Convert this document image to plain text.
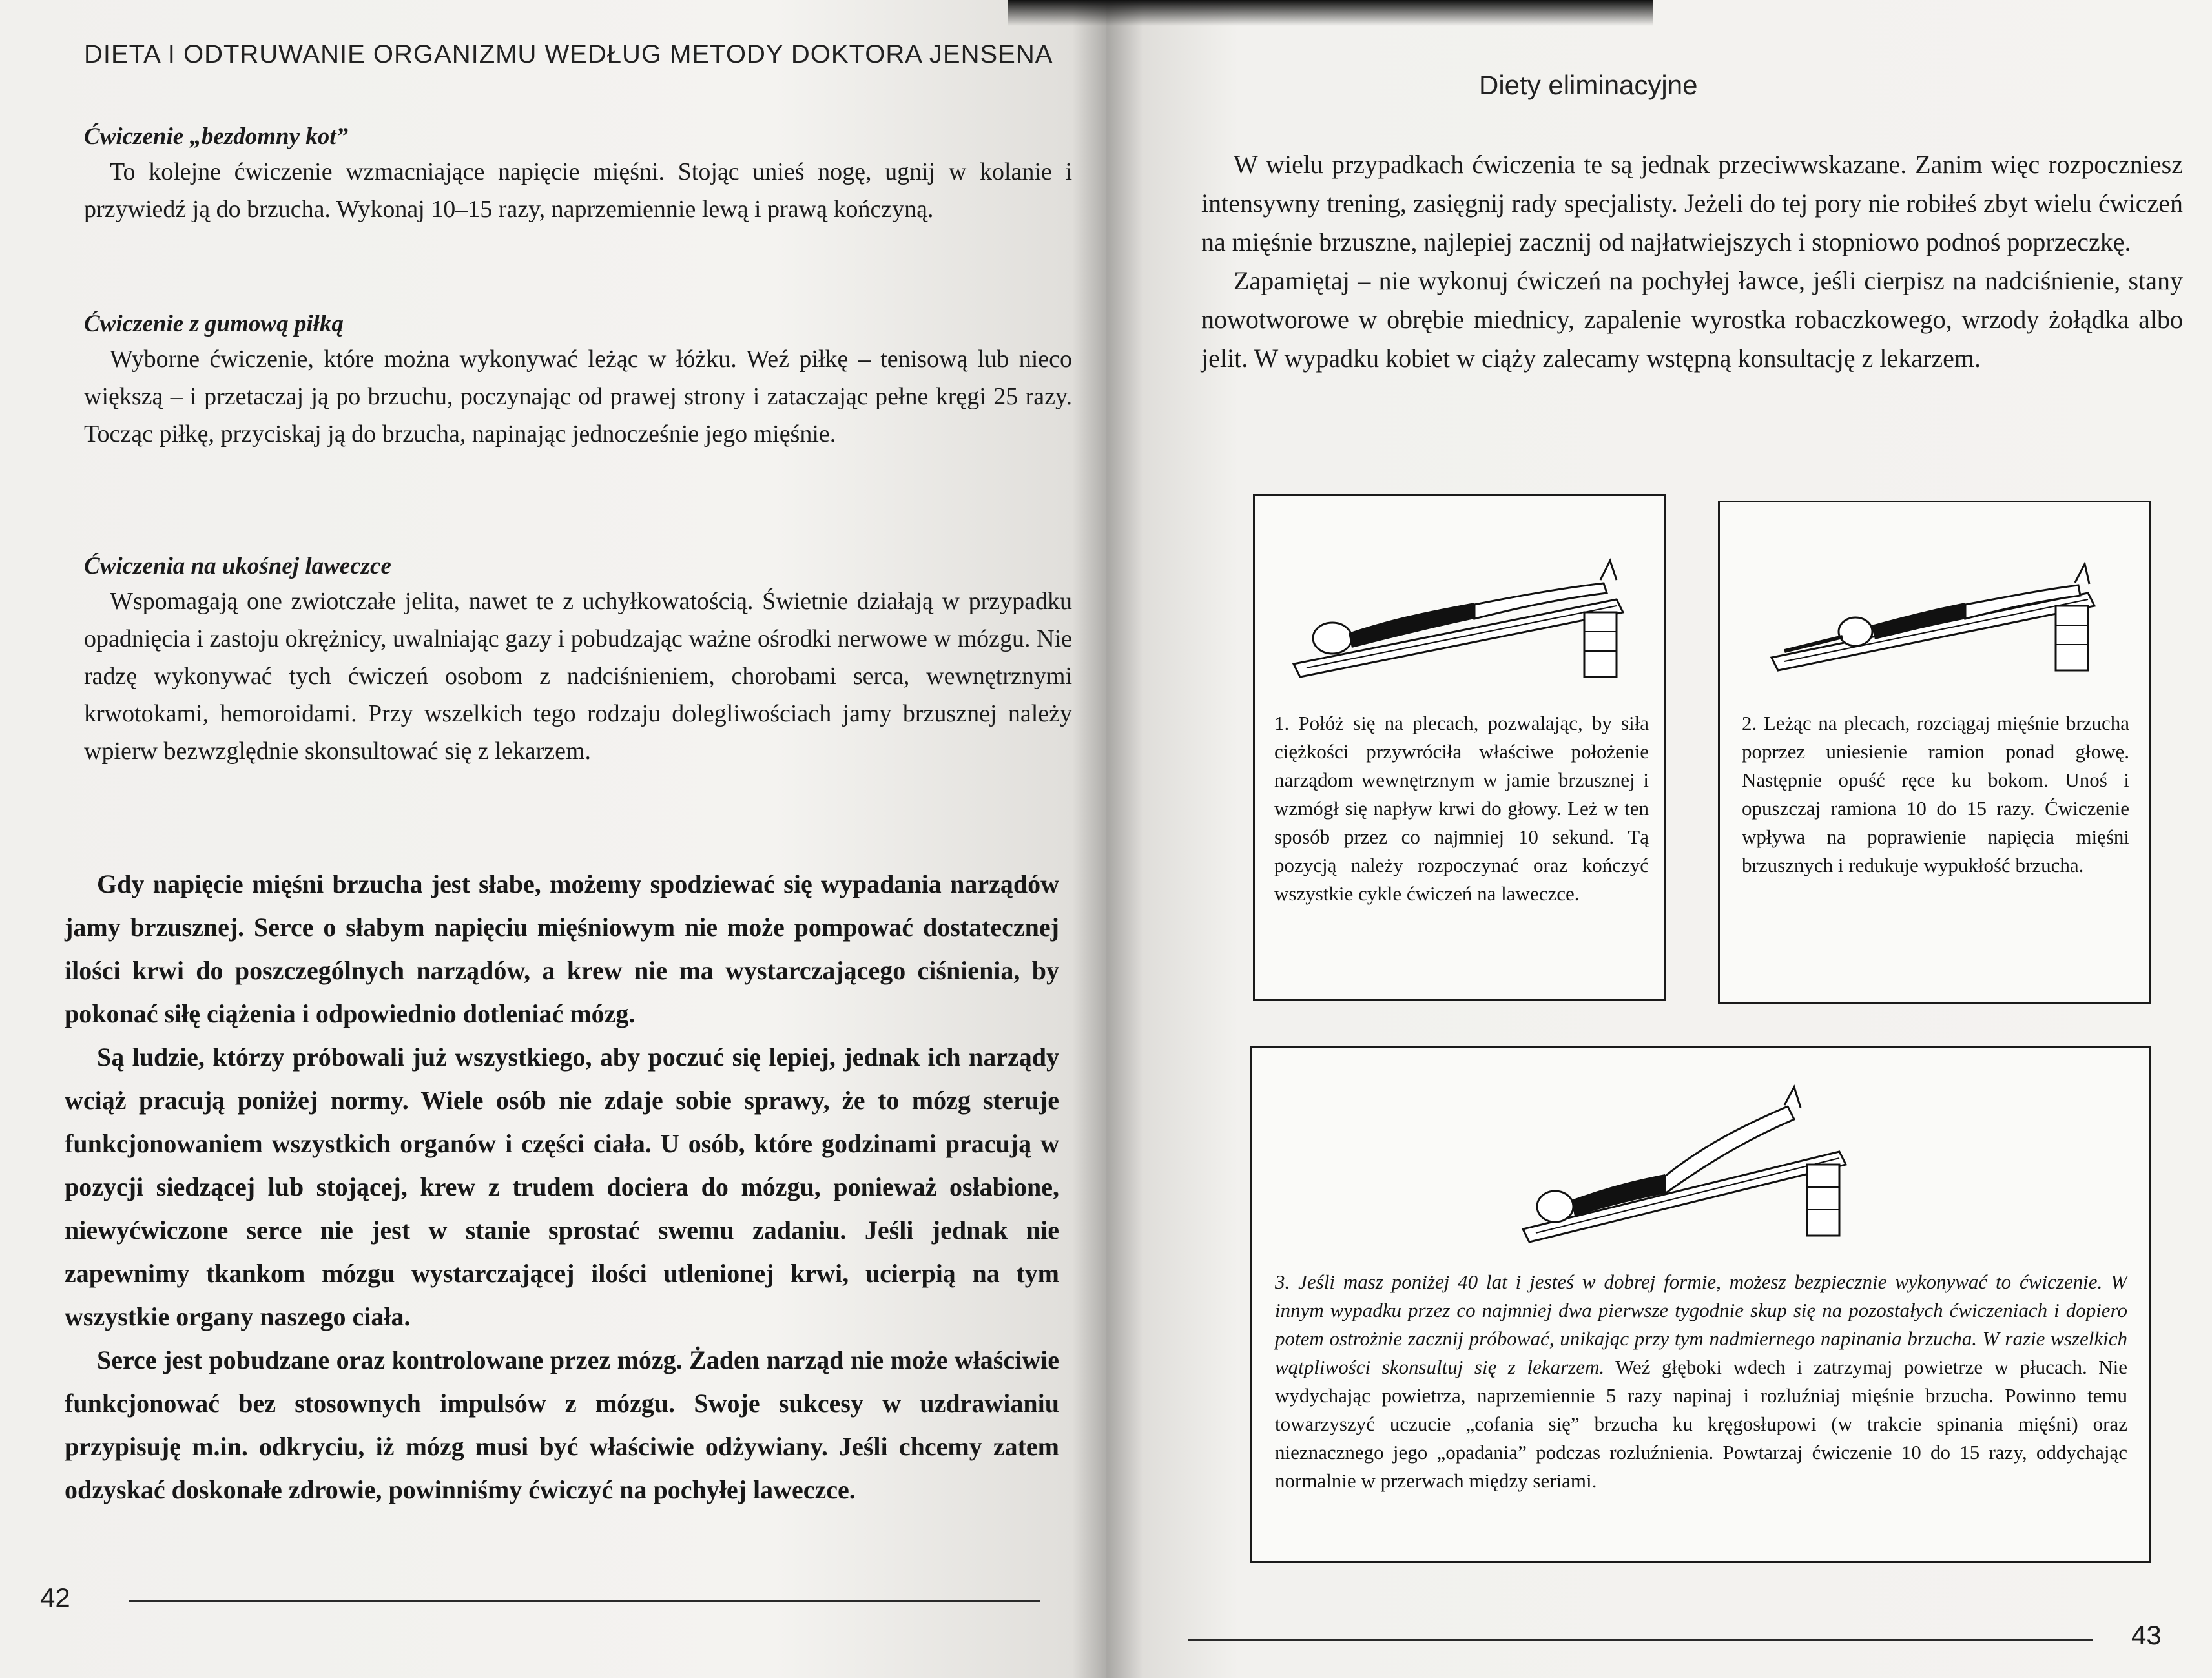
DIETA I ODTRUWANIE ORGANIZMU WEDŁUG METODY DOKTORA JENSENA
Ćwiczenie „bezdomny kot”

To kolejne ćwiczenie wzmacniające napięcie mięśni. Stojąc unieś nogę, ugnij w kolanie i przywiedź ją do brzucha. Wykonaj 10–15 razy, naprzemiennie lewą i prawą kończyną.

Ćwiczenie z gumową piłką

Wyborne ćwiczenie, które można wykonywać leżąc w łóżku. Weź piłkę – tenisową lub nieco większą – i przetaczaj ją po brzuchu, poczynając od prawej strony i zataczając pełne kręgi 25 razy. Tocząc piłkę, przyciskaj ją do brzucha, napinając jednocześnie jego mięśnie.

Ćwiczenia na ukośnej laweczce

Wspomagają one zwiotczałe jelita, nawet te z uchyłkowatością. Świetnie działają w przypadku opadnięcia i zastoju okrężnicy, uwalniając gazy i pobudzając ważne ośrodki nerwowe w mózgu. Nie radzę wykonywać tych ćwiczeń osobom z nadciśnieniem, chorobami serca, wewnętrznymi krwotokami, hemoroidami. Przy wszelkich tego rodzaju dolegliwościach jamy brzusznej należy wpierw bezwzględnie skonsultować się z lekarzem.

Gdy napięcie mięśni brzucha jest słabe, możemy spodziewać się wypadania narządów jamy brzusznej. Serce o słabym napięciu mięśniowym nie może pompować dostatecznej ilości krwi do poszczególnych narządów, a krew nie ma wystarczającego ciśnienia, by pokonać siłę ciążenia i odpowiednio dotleniać mózg.

Są ludzie, którzy próbowali już wszystkiego, aby poczuć się lepiej, jednak ich narządy wciąż pracują poniżej normy. Wiele osób nie zdaje sobie sprawy, że to mózg steruje funkcjonowaniem wszystkich organów i części ciała. U osób, które godzinami pracują w pozycji siedzącej lub stojącej, krew z trudem dociera do mózgu, ponieważ osłabione, niewyćwiczone serce nie jest w stanie sprostać swemu zadaniu. Jeśli jednak nie zapewnimy tkankom mózgu wystarczającej ilości utlenionej krwi, ucierpią na tym wszystkie organy naszego ciała.

Serce jest pobudzane oraz kontrolowane przez mózg. Żaden narząd nie może właściwie funkcjonować bez stosownych impulsów z mózgu. Swoje sukcesy w uzdrawianiu przypisuję m.in. odkryciu, iż mózg musi być właściwie odżywiany. Jeśli chcemy zatem odzyskać doskonałe zdrowie, powinniśmy ćwiczyć na pochyłej laweczce.

42
Diety eliminacyjne

W wielu przypadkach ćwiczenia te są jednak przeciwwskazane. Zanim więc rozpoczniesz intensywny trening, zasięgnij rady specjalisty. Jeżeli do tej pory nie robiłeś zbyt wielu ćwiczeń na mięśnie brzuszne, najlepiej zacznij od najłatwiejszych i stopniowo podnoś poprzeczkę.

Zapamiętaj – nie wykonuj ćwiczeń na pochyłej ławce, jeśli cierpisz na nadciśnienie, stany nowotworowe w obrębie miednicy, zapalenie wyrostka robaczkowego, wrzody żołądka albo jelit. W wypadku kobiet w ciąży zalecamy wstępną konsultację z lekarzem.

1. Połóż się na plecach, pozwalając, by siła ciężkości przywróciła właściwe położenie narządom wewnętrznym w jamie brzusznej i wzmógł się napływ krwi do głowy. Leż w ten sposób przez co najmniej 10 sekund. Tą pozycją należy rozpoczynać oraz kończyć wszystkie cykle ćwiczeń na laweczce.
2. Leżąc na plecach, rozciągaj mięśnie brzucha poprzez uniesienie ramion ponad głowę. Następnie opuść ręce ku bokom. Unoś i opuszczaj ramiona 10 do 15 razy. Ćwiczenie wpływa na poprawienie napięcia mięśni brzusznych i redukuje wypukłość brzucha.
3. Jeśli masz poniżej 40 lat i jesteś w dobrej formie, możesz bezpiecznie wykonywać to ćwiczenie. W innym wypadku przez co najmniej dwa pierwsze tygodnie skup się na pozostałych ćwiczeniach i dopiero potem ostrożnie zacznij próbować, unikając przy tym nadmiernego napinania brzucha. W razie wszelkich wątpliwości skonsultuj się z lekarzem. Weź głęboki wdech i zatrzymaj powietrze w płucach. Nie wydychając powietrza, naprzemiennie 5 razy napinaj i rozluźniaj mięśnie brzucha. Powinno temu towarzyszyć uczucie „cofania się” brzucha ku kręgosłupowi (w trakcie spinania mięśni) oraz nieznacznego jego „opadania” podczas rozluźnienia. Powtarzaj ćwiczenie 10 do 15 razy, oddychając normalnie w przerwach między seriami.
43
